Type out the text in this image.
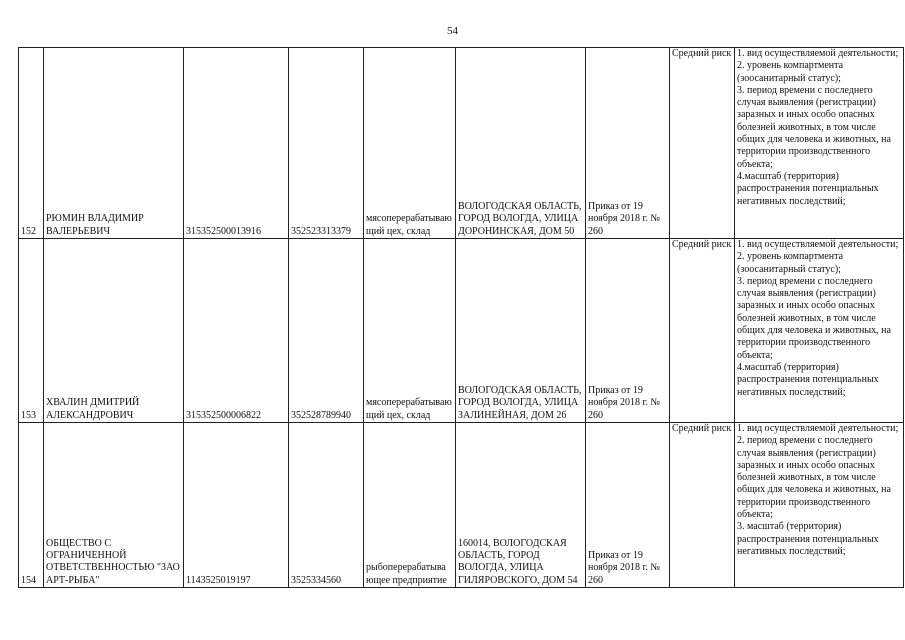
54
152	РЮМИН ВЛАДИМИР ВАЛЕРЬЕВИЧ	315352500013916	352523313379	мясоперерабатывающий цех, склад	ВОЛОГОДСКАЯ ОБЛАСТЬ, ГОРОД ВОЛОГДА, УЛИЦА ДОРОНИНСКАЯ, ДОМ 50	Приказ от 19 ноября 2018 г. № 260	Средний риск	1. вид осуществляемой деятельности;
2. уровень компартмента (зоосанитарный статус);
3. период времени с последнего случая выявления (регистрации) заразных и иных особо опасных болезней животных, в том числе общих для человека и животных, на территории производственного объекта;
4.масштаб (территория) распространения потенциальных негативных последствий;

153	ХВАЛИН ДМИТРИЙ АЛЕКСАНДРОВИЧ	315352500006822	352528789940	мясоперерабатывающий цех, склад	ВОЛОГОДСКАЯ ОБЛАСТЬ, ГОРОД ВОЛОГДА, УЛИЦА ЗАЛИНЕЙНАЯ, ДОМ 26	Приказ от 19 ноября 2018 г. № 260	Средний риск	1. вид осуществляемой деятельности;
2. уровень компартмента (зоосанитарный статус);
3. период времени с последнего случая выявления (регистрации) заразных и иных особо опасных болезней животных, в том числе общих для человека и животных, на территории производственного объекта;
4.масштаб (территория) распространения потенциальных негативных последствий;

154	ОБЩЕСТВО С ОГРАНИЧЕННОЙ ОТВЕТСТВЕННОСТЬЮ "ЗАО АРТ-РЫБА"	1143525019197	3525334560	рыбоперерабатывающее предприятие	160014, ВОЛОГОДСКАЯ ОБЛАСТЬ, ГОРОД ВОЛОГДА, УЛИЦА ГИЛЯРОВСКОГО, ДОМ 54	Приказ от 19 ноября 2018 г. № 260	Средний риск	1. вид осуществляемой деятельности;
2. период времени с последнего случая выявления (регистрации) заразных и иных особо опасных болезней животных, в том числе общих для человека и животных, на территории производственного объекта;
3. масштаб (территория) распространения потенциальных негативных последствий;
